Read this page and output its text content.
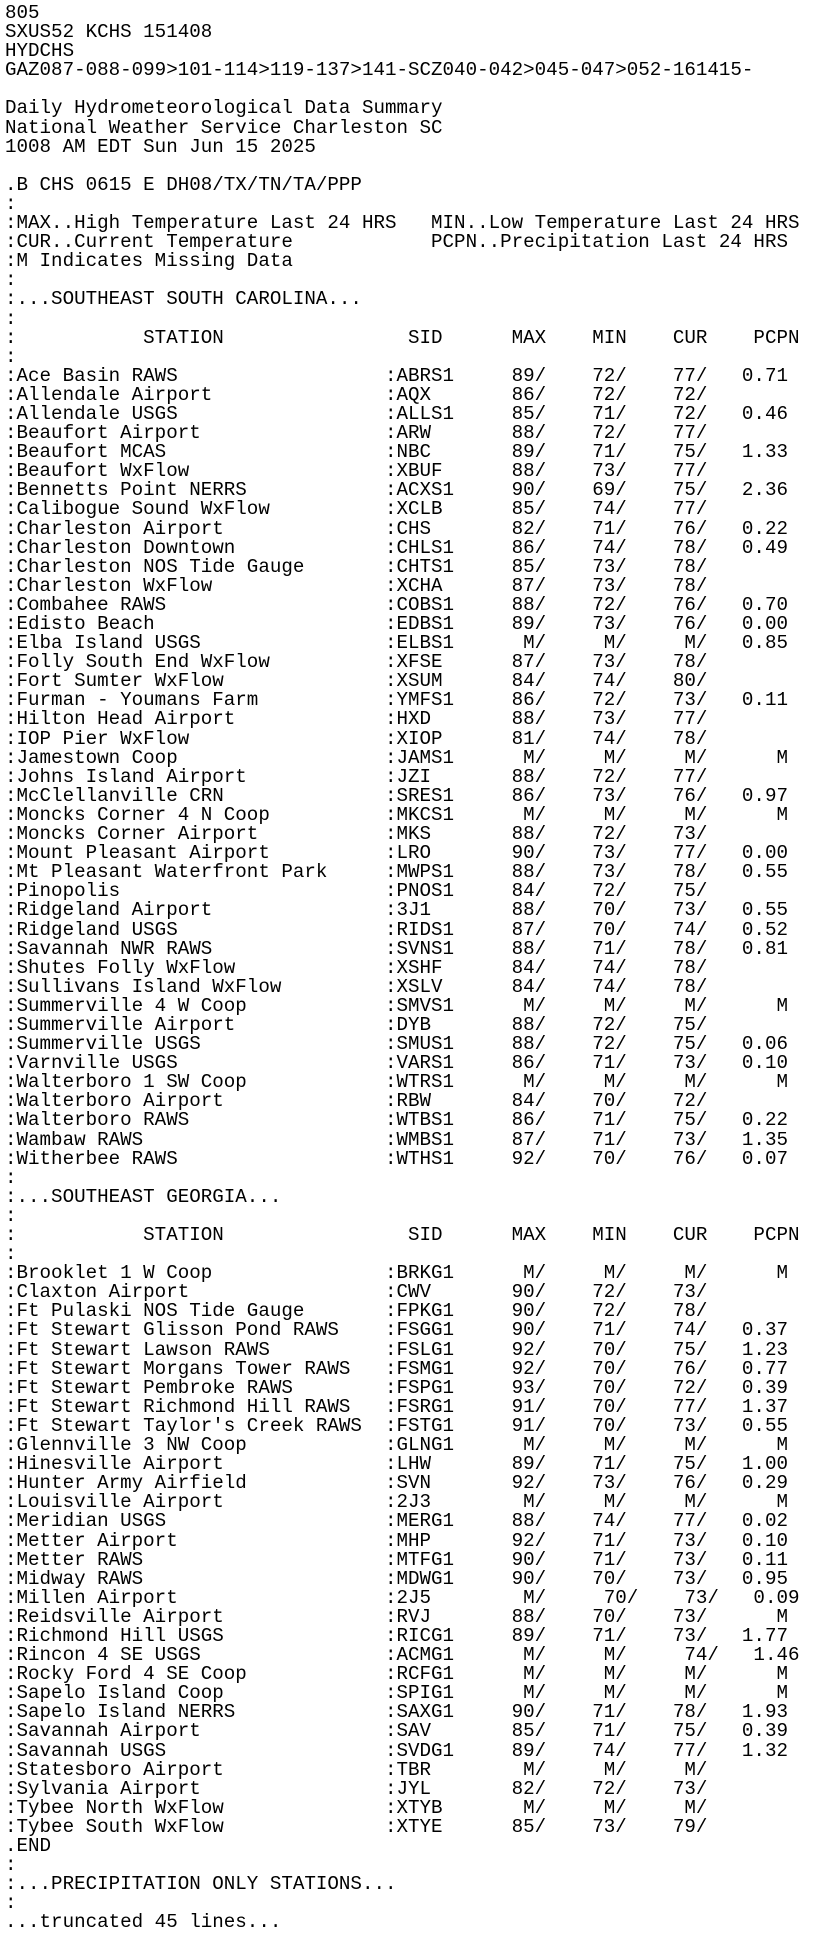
805
SXUS52 KCHS 151408
HYDCHS
GAZ087-088-099>101-114>119-137>141-SCZ040-042>045-047>052-161415-

Daily Hydrometeorological Data Summary
National Weather Service Charleston SC
1008 AM EDT Sun Jun 15 2025

.B CHS 0615 E DH08/TX/TN/TA/PPP
:
:MAX..High Temperature Last 24 HRS   MIN..Low Temperature Last 24 HRS
:CUR..Current Temperature            PCPN..Precipitation Last 24 HRS
:M Indicates Missing Data
:
:...SOUTHEAST SOUTH CAROLINA...
:
:           STATION                SID      MAX    MIN    CUR    PCPN
:
:Ace Basin RAWS                  :ABRS1     89/    72/    77/   0.71
:Allendale Airport               :AQX       86/    72/    72/
:Allendale USGS                  :ALLS1     85/    71/    72/   0.46
:Beaufort Airport                :ARW       88/    72/    77/
:Beaufort MCAS                   :NBC       89/    71/    75/   1.33
:Beaufort WxFlow                 :XBUF      88/    73/    77/
:Bennetts Point NERRS            :ACXS1     90/    69/    75/   2.36
:Calibogue Sound WxFlow          :XCLB      85/    74/    77/
:Charleston Airport              :CHS       82/    71/    76/   0.22
:Charleston Downtown             :CHLS1     86/    74/    78/   0.49
:Charleston NOS Tide Gauge       :CHTS1     85/    73/    78/
:Charleston WxFlow               :XCHA      87/    73/    78/
:Combahee RAWS                   :COBS1     88/    72/    76/   0.70
:Edisto Beach                    :EDBS1     89/    73/    76/   0.00
:Elba Island USGS                :ELBS1      M/     M/     M/   0.85
:Folly South End WxFlow          :XFSE      87/    73/    78/
:Fort Sumter WxFlow              :XSUM      84/    74/    80/
:Furman - Youmans Farm           :YMFS1     86/    72/    73/   0.11
:Hilton Head Airport             :HXD       88/    73/    77/
:IOP Pier WxFlow                 :XIOP      81/    74/    78/
:Jamestown Coop                  :JAMS1      M/     M/     M/      M
:Johns Island Airport            :JZI       88/    72/    77/
:McClellanville CRN              :SRES1     86/    73/    76/   0.97
:Moncks Corner 4 N Coop          :MKCS1      M/     M/     M/      M
:Moncks Corner Airport           :MKS       88/    72/    73/
:Mount Pleasant Airport          :LRO       90/    73/    77/   0.00
:Mt Pleasant Waterfront Park     :MWPS1     88/    73/    78/   0.55
:Pinopolis                       :PNOS1     84/    72/    75/
:Ridgeland Airport               :3J1       88/    70/    73/   0.55
:Ridgeland USGS                  :RIDS1     87/    70/    74/   0.52
:Savannah NWR RAWS               :SVNS1     88/    71/    78/   0.81
:Shutes Folly WxFlow             :XSHF      84/    74/    78/
:Sullivans Island WxFlow         :XSLV      84/    74/    78/
:Summerville 4 W Coop            :SMVS1      M/     M/     M/      M
:Summerville Airport             :DYB       88/    72/    75/
:Summerville USGS                :SMUS1     88/    72/    75/   0.06
:Varnville USGS                  :VARS1     86/    71/    73/   0.10
:Walterboro 1 SW Coop            :WTRS1      M/     M/     M/      M
:Walterboro Airport              :RBW       84/    70/    72/
:Walterboro RAWS                 :WTBS1     86/    71/    75/   0.22
:Wambaw RAWS                     :WMBS1     87/    71/    73/   1.35
:Witherbee RAWS                  :WTHS1     92/    70/    76/   0.07
:
:...SOUTHEAST GEORGIA...
:
:           STATION                SID      MAX    MIN    CUR    PCPN
:
:Brooklet 1 W Coop               :BRKG1      M/     M/     M/      M
:Claxton Airport                 :CWV       90/    72/    73/
:Ft Pulaski NOS Tide Gauge       :FPKG1     90/    72/    78/
:Ft Stewart Glisson Pond RAWS    :FSGG1     90/    71/    74/   0.37
:Ft Stewart Lawson RAWS          :FSLG1     92/    70/    75/   1.23
:Ft Stewart Morgans Tower RAWS   :FSMG1     92/    70/    76/   0.77
:Ft Stewart Pembroke RAWS        :FSPG1     93/    70/    72/   0.39
:Ft Stewart Richmond Hill RAWS   :FSRG1     91/    70/    77/   1.37
:Ft Stewart Taylor's Creek RAWS  :FSTG1     91/    70/    73/   0.55
:Glennville 3 NW Coop            :GLNG1      M/     M/     M/      M
:Hinesville Airport              :LHW       89/    71/    75/   1.00
:Hunter Army Airfield            :SVN       92/    73/    76/   0.29
:Louisville Airport              :2J3        M/     M/     M/      M
:Meridian USGS                   :MERG1     88/    74/    77/   0.02
:Metter Airport                  :MHP       92/    71/    73/   0.10
:Metter RAWS                     :MTFG1     90/    71/    73/   0.11
:Midway RAWS                     :MDWG1     90/    70/    73/   0.95
:Millen Airport                  :2J5        M/     70/    73/   0.09
:Reidsville Airport              :RVJ       88/    70/    73/      M
:Richmond Hill USGS              :RICG1     89/    71/    73/   1.77
:Rincon 4 SE USGS                :ACMG1      M/     M/     74/   1.46
:Rocky Ford 4 SE Coop            :RCFG1      M/     M/     M/      M
:Sapelo Island Coop              :SPIG1      M/     M/     M/      M
:Sapelo Island NERRS             :SAXG1     90/    71/    78/   1.93
:Savannah Airport                :SAV       85/    71/    75/   0.39
:Savannah USGS                   :SVDG1     89/    74/    77/   1.32
:Statesboro Airport              :TBR        M/     M/     M/
:Sylvania Airport                :JYL       82/    72/    73/
:Tybee North WxFlow              :XTYB       M/     M/     M/
:Tybee South WxFlow              :XTYE      85/    73/    79/
.END
:
:...PRECIPITATION ONLY STATIONS...
:
...truncated 45 lines...
